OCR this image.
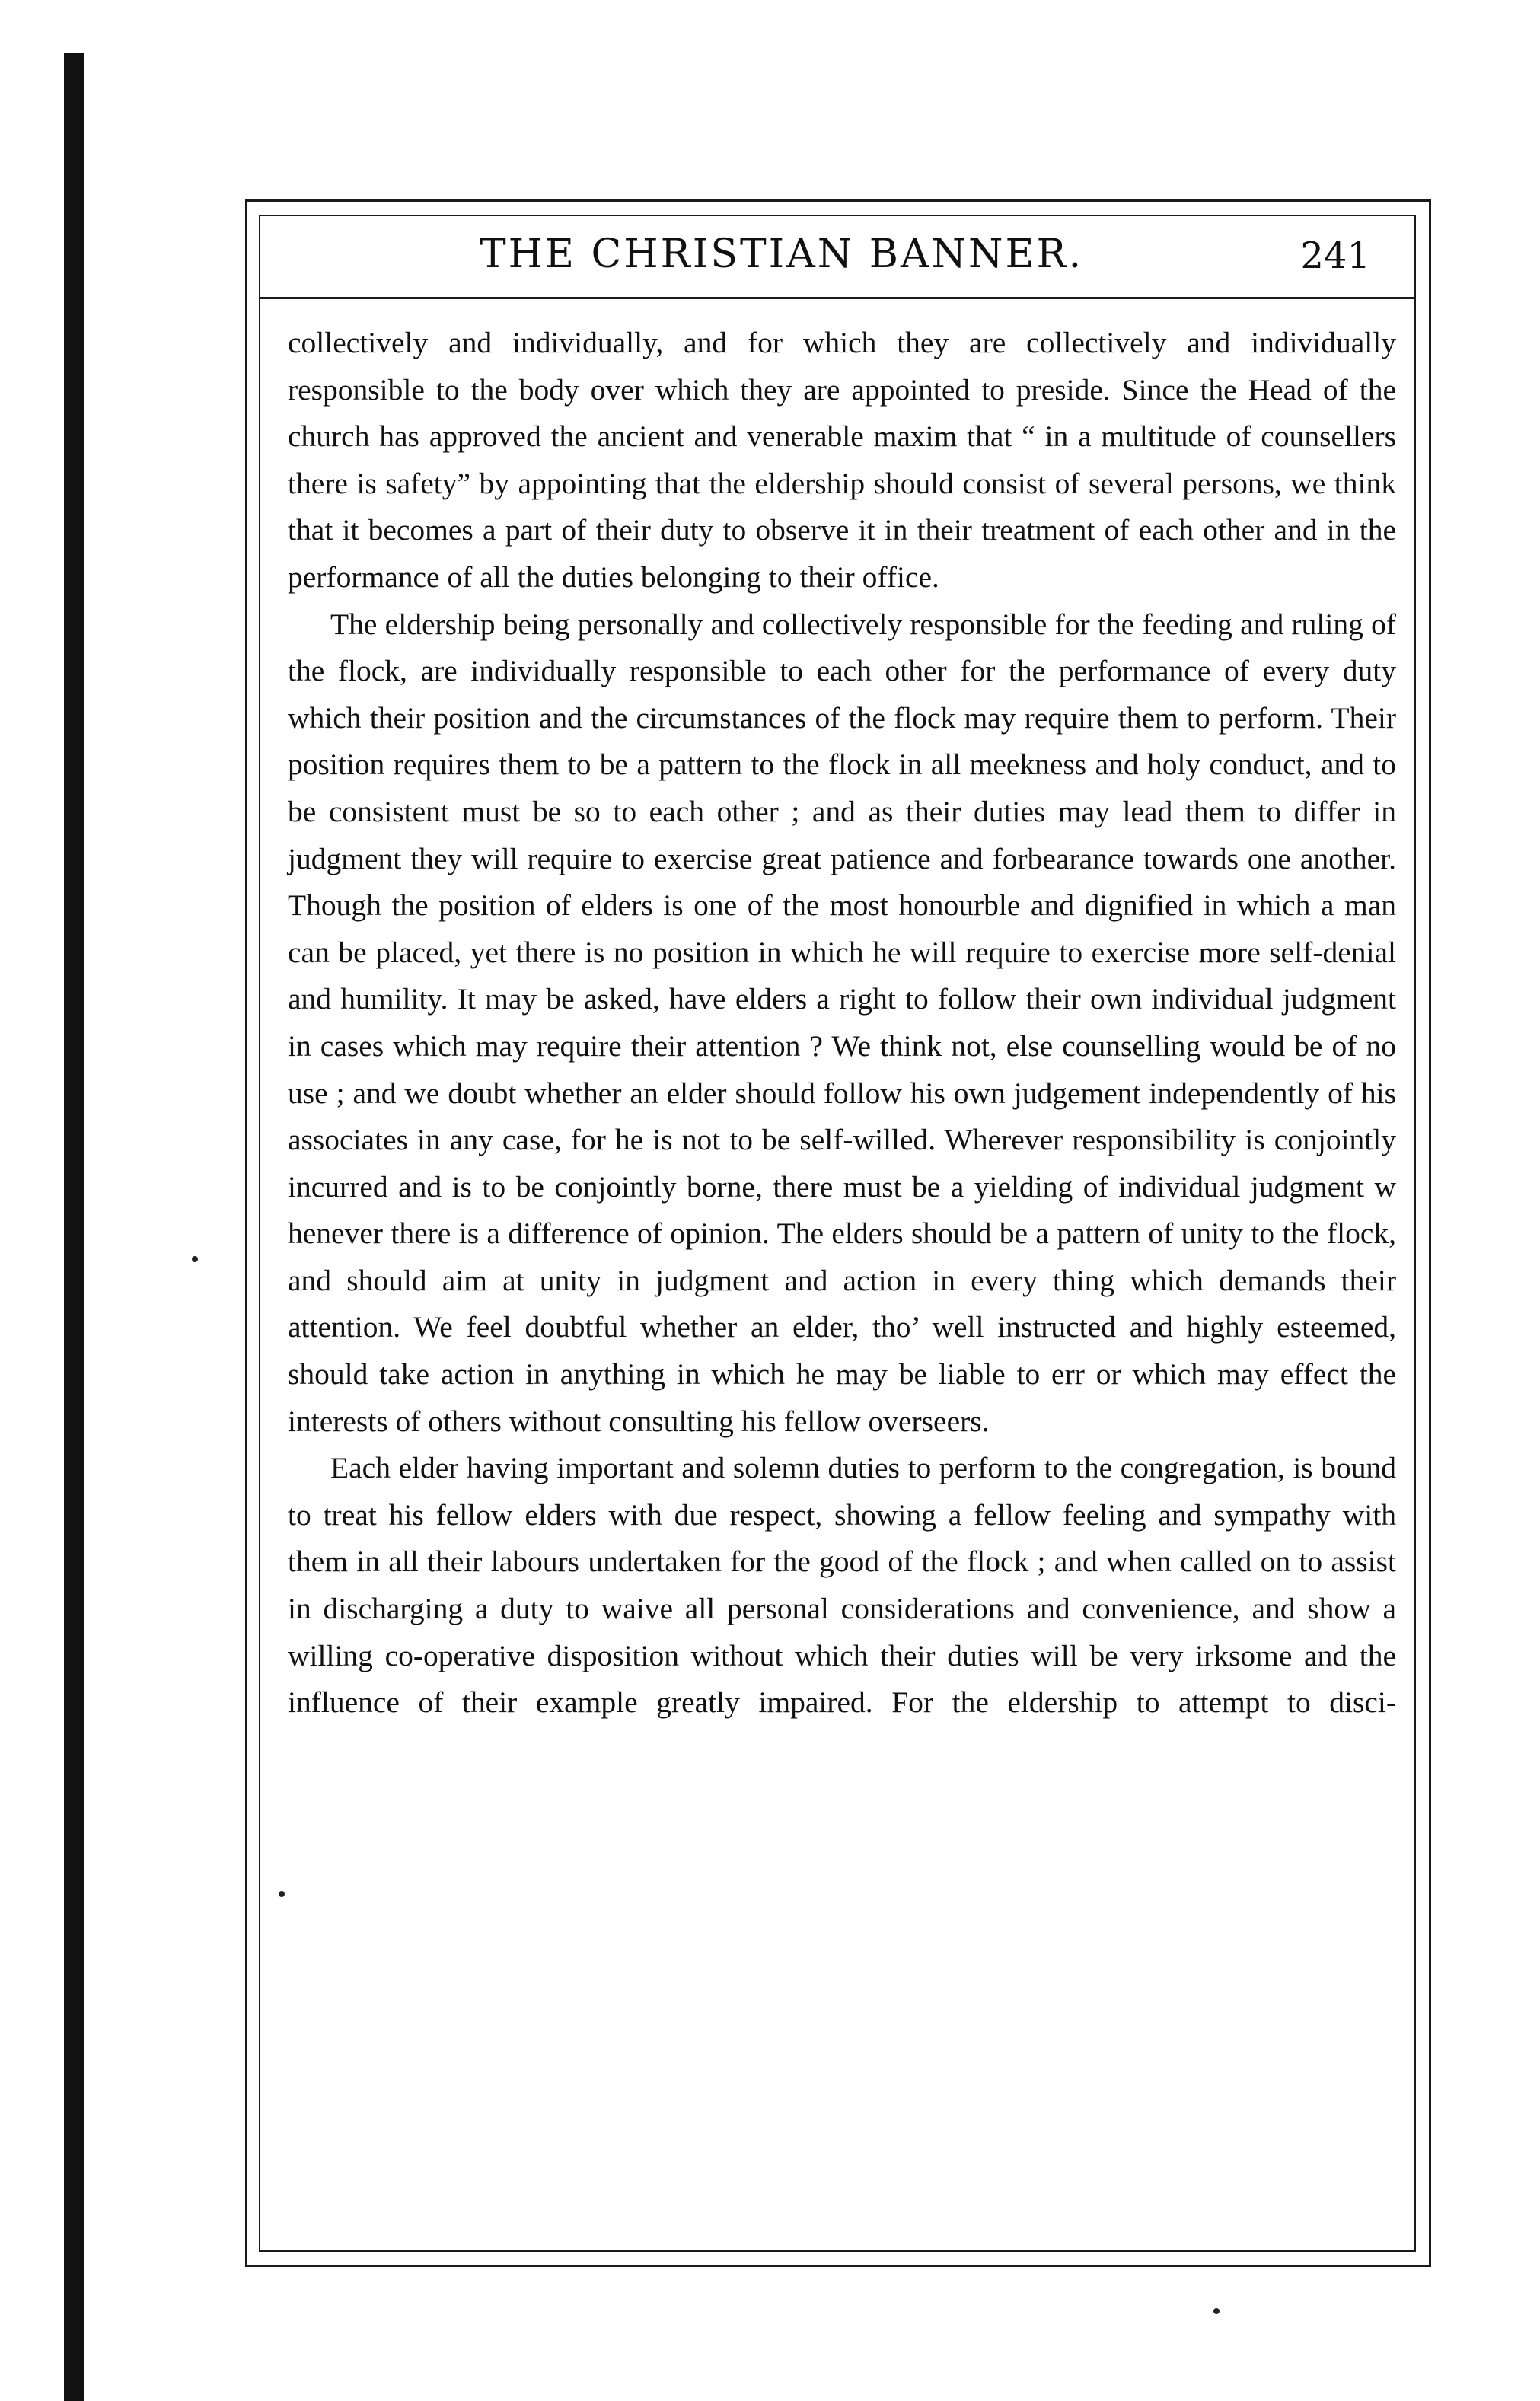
THE CHRISTIAN BANNER.	241

collectively and individually, and for which they are collectively and individually responsible to the body over which they are appointed to preside. Since the Head of the church has approved the ancient and venerable maxim that “ in a multitude of counsellers there is safety” by appointing that the eldership should consist of several persons, we think that it becomes a part of their duty to observe it in their treatment of each other and in the performance of all the duties belonging to their office.

The eldership being personally and collectively responsible for the feeding and ruling of the flock, are individually responsible to each other for the performance of every duty which their position and the circumstances of the flock may require them to perform. Their position requires them to be a pattern to the flock in all meekness and holy conduct, and to be consistent must be so to each other ; and as their duties may lead them to differ in judgment they will require to exercise great patience and forbearance towards one another. Though the position of elders is one of the most honourble and dignified in which a man can be placed, yet there is no position in which he will require to exercise more self-denial and humility. It may be asked, have elders a right to follow their own individual judgment in cases which may require their attention ? We think not, else counselling would be of no use ; and we doubt whether an elder should follow his own judgement independently of his associates in any case, for he is not to be self-willed. Wherever responsibility is conjointly incurred and is to be conjointly borne, there must be a yielding of individual judgment w henever there is a difference of opinion. The elders should be a pattern of unity to the flock, and should aim at unity in judgment and action in every thing which demands their attention. We feel doubtful whether an elder, tho’ well instructed and highly esteemed, should take action in anything in which he may be liable to err or which may effect the interests of others without consulting his fellow overseers.

Each elder having important and solemn duties to perform to the congregation, is bound to treat his fellow elders with due respect, showing a fellow feeling and sympathy with them in all their labours undertaken for the good of the flock ; and when called on to assist in discharging a duty to waive all personal considerations and convenience, and show a willing co-operative disposition without which their duties will be very irksome and the influence of their example greatly impaired. For the eldership to attempt to disci-
